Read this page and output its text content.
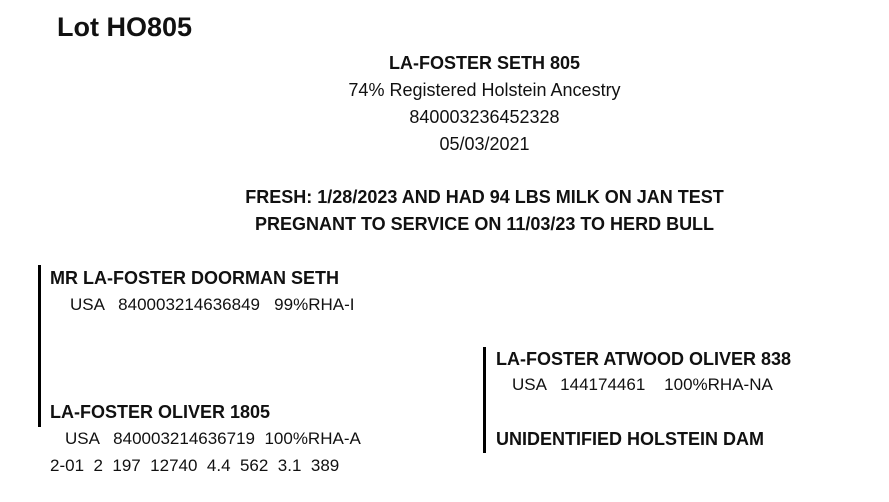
Lot HO805
LA-FOSTER SETH 805
74% Registered Holstein Ancestry
840003236452328
05/03/2021
FRESH: 1/28/2023 AND HAD 94 LBS MILK ON JAN TEST
PREGNANT TO SERVICE ON 11/03/23 TO HERD BULL
MR LA-FOSTER DOORMAN SETH
USA   840003214636849   99%RHA-I
LA-FOSTER OLIVER 1805
USA   840003214636719  100%RHA-A
2-01  2  197  12740  4.4  562  3.1  389
LA-FOSTER ATWOOD OLIVER 838
USA   144174461    100%RHA-NA
UNIDENTIFIED HOLSTEIN DAM
